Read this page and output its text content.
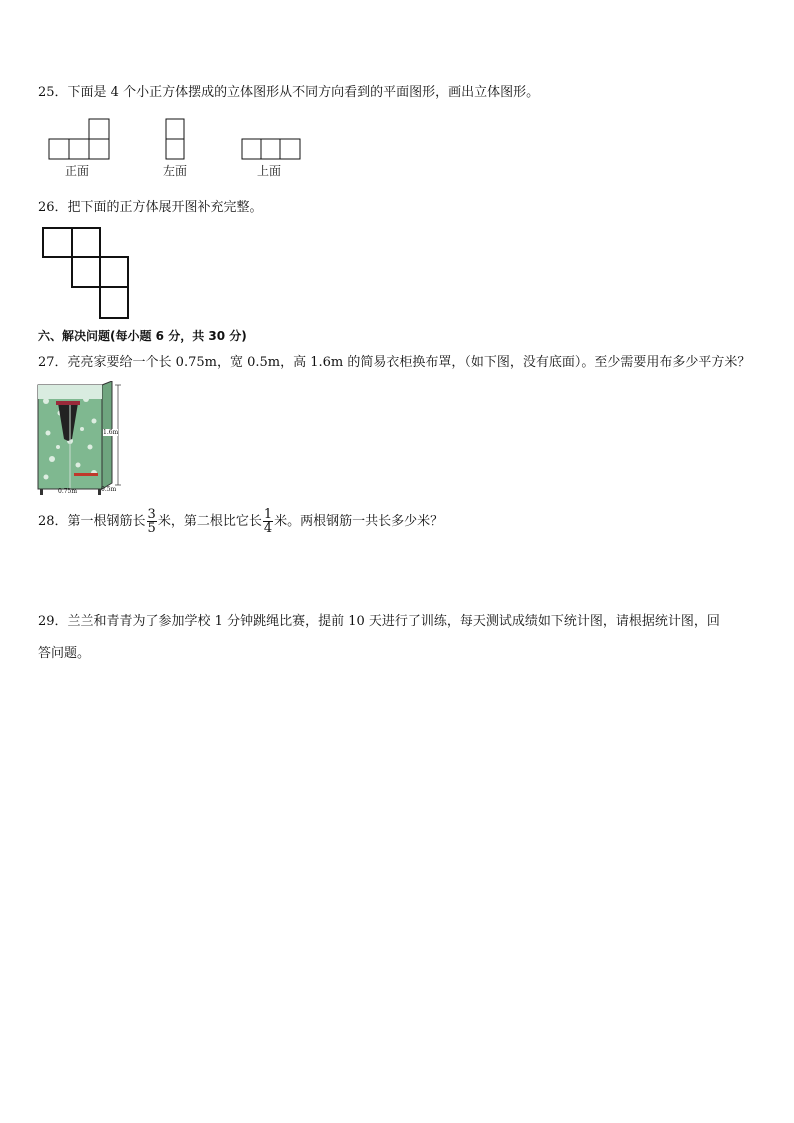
25．下面是 4 个小正方体摆成的立体图形从不同方向看到的平面图形，画出立体图形。
正面	左面	上面
26．把下面的正方体展开图补充完整。
六、解决问题(每小题 6 分，共 30 分)
27．亮亮家要给一个长 0.75m，宽 0.5m，高 1.6m 的简易衣柜换布罩，（如下图，没有底面）。至少需要用布多少平方米？
1.6m
0.75m	0.5m
28．第一根钢筋长 $\frac{3}{5}$ 米，第二根比它长 $\frac{1}{4}$ 米。两根钢筋一共长多少米？
29．兰兰和青青为了参加学校 1 分钟跳绳比赛，提前 10 天进行了训练，每天测试成绩如下统计图，请根据统计图，回
答问题。
